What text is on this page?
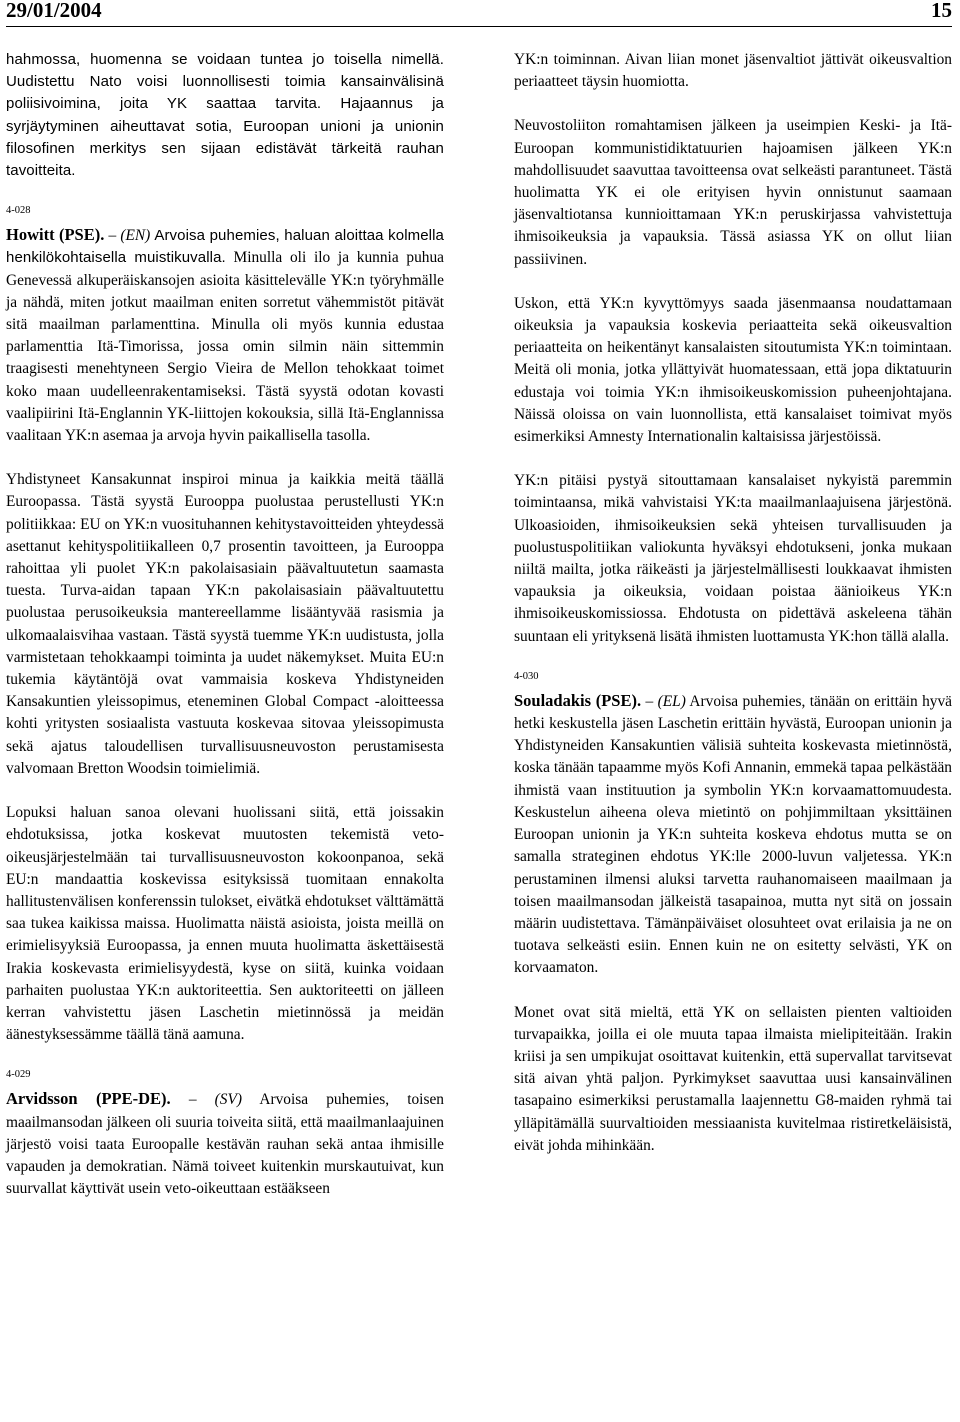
29/01/2004	15

hahmossa, huomenna se voidaan tuntea jo toisella nimellä. Uudistettu Nato voisi luonnollisesti toimia kansainvälisinä poliisivoimina, joita YK saattaa tarvita. Hajaannus ja syrjäytyminen aiheuttavat sotia, Euroopan unioni ja unionin filosofinen merkitys sen sijaan edistävät tärkeitä rauhan tavoitteita.

4-028

Howitt (PSE). – (EN) Arvoisa puhemies, haluan aloittaa kolmella henkilökohtaisella muistikuvalla. Minulla oli ilo ja kunnia puhua Genevessä alkuperäiskansojen asioita käsittelevälle YK:n työryhmälle ja nähdä, miten jotkut maailman eniten sorretut vähemmistöt pitävät sitä maailman parlamenttina. Minulla oli myös kunnia edustaa parlamenttia Itä-Timorissa, jossa omin silmin näin sittemmin traagisesti menehtyneen Sergio Vieira de Mellon tehokkaat toimet koko maan uudelleenrakentamiseksi. Tästä syystä odotan kovasti vaalipiirini Itä-Englannin YK-liittojen kokouksia, sillä Itä-Englannissa vaalitaan YK:n asemaa ja arvoja hyvin paikallisella tasolla.

Yhdistyneet Kansakunnat inspiroi minua ja kaikkia meitä täällä Euroopassa. Tästä syystä Eurooppa puolustaa perustellusti YK:n politiikkaa: EU on YK:n vuosituhannen kehitystavoitteiden yhteydessä asettanut kehityspolitiikalleen 0,7 prosentin tavoitteen, ja Eurooppa rahoittaa yli puolet YK:n pakolaisasiain päävaltuutetun saamasta tuesta. Turva-aidan tapaan YK:n pakolaisasiain päävaltuutettu puolustaa perusoikeuksia mantereellamme lisääntyvää rasismia ja ulkomaalaisvihaa vastaan. Tästä syystä tuemme YK:n uudistusta, jolla varmistetaan tehokkaampi toiminta ja uudet näkemykset. Muita EU:n tukemia käytäntöjä ovat vammaisia koskeva Yhdistyneiden Kansakuntien yleissopimus, eteneminen Global Compact -aloitteessa kohti yritysten sosiaalista vastuuta koskevaa sitovaa yleissopimusta sekä ajatus taloudellisen turvallisuusneuvoston perustamisesta valvomaan Bretton Woodsin toimielimiä.

Lopuksi haluan sanoa olevani huolissani siitä, että joissakin ehdotuksissa, jotka koskevat muutosten tekemistä veto-oikeusjärjestelmään tai turvallisuusneuvoston kokoonpanoa, sekä EU:n mandaattia koskevissa esityksissä tuomitaan ennakolta hallitustenvälisen konferenssin tulokset, eivätkä ehdotukset välttämättä saa tukea kaikissa maissa. Huolimatta näistä asioista, joista meillä on erimielisyyksiä Euroopassa, ja ennen muuta huolimatta äskettäisestä Irakia koskevasta erimielisyydestä, kyse on siitä, kuinka voidaan parhaiten puolustaa YK:n auktoriteettia. Sen auktoriteetti on jälleen kerran vahvistettu jäsen Laschetin mietinnössä ja meidän äänestyksessämme täällä tänä aamuna.

4-029

Arvidsson (PPE-DE). – (SV) Arvoisa puhemies, toisen maailmansodan jälkeen oli suuria toiveita siitä, että maailmanlaajuinen järjestö voisi taata Euroopalle kestävän rauhan sekä antaa ihmisille vapauden ja demokratian. Nämä toiveet kuitenkin murskautuivat, kun suurvallat käyttivät usein veto-oikeuttaan estääkseen

YK:n toiminnan. Aivan liian monet jäsenvaltiot jättivät oikeusvaltion periaatteet täysin huomiotta.

Neuvostoliiton romahtamisen jälkeen ja useimpien Keski- ja Itä-Euroopan kommunistidiktatuurien hajoamisen jälkeen YK:n mahdollisuudet saavuttaa tavoitteensa ovat selkeästi parantuneet. Tästä huolimatta YK ei ole erityisen hyvin onnistunut saamaan jäsenvaltiotansa kunnioittamaan YK:n peruskirjassa vahvistettuja ihmisoikeuksia ja vapauksia. Tässä asiassa YK on ollut liian passiivinen.

Uskon, että YK:n kyvyttömyys saada jäsenmaansa noudattamaan oikeuksia ja vapauksia koskevia periaatteita sekä oikeusvaltion periaatteita on heikentänyt kansalaisten sitoutumista YK:n toimintaan. Meitä oli monia, jotka yllättyivät huomatessaan, että jopa diktatuurin edustaja voi toimia YK:n ihmisoikeuskomission puheenjohtajana. Näissä oloissa on vain luonnollista, että kansalaiset toimivat myös esimerkiksi Amnesty Internationalin kaltaisissa järjestöissä.

YK:n pitäisi pystyä sitouttamaan kansalaiset nykyistä paremmin toimintaansa, mikä vahvistaisi YK:ta maailmanlaajuisena järjestönä. Ulkoasioiden, ihmisoikeuksien sekä yhteisen turvallisuuden ja puolustuspolitiikan valiokunta hyväksyi ehdotukseni, jonka mukaan niiltä mailta, jotka räikeästi ja järjestelmällisesti loukkaavat ihmisten vapauksia ja oikeuksia, voidaan poistaa äänioikeus YK:n ihmisoikeuskomissiossa. Ehdotusta on pidettävä askeleena tähän suuntaan eli yrityksenä lisätä ihmisten luottamusta YK:hon tällä alalla.

4-030

Souladakis (PSE). – (EL) Arvoisa puhemies, tänään on erittäin hyvä hetki keskustella jäsen Laschetin erittäin hyvästä, Euroopan unionin ja Yhdistyneiden Kansakuntien välisiä suhteita koskevasta mietinnöstä, koska tänään tapaamme myös Kofi Annanin, emmekä tapaa pelkästään ihmistä vaan instituution ja symbolin YK:n korvaamattomuudesta. Keskustelun aiheena oleva mietintö on pohjimmiltaan yksittäinen Euroopan unionin ja YK:n suhteita koskeva ehdotus mutta se on samalla strateginen ehdotus YK:lle 2000-luvun valjetessa. YK:n perustaminen ilmensi aluksi tarvetta rauhanomaiseen maailmaan ja toisen maailmansodan jälkeistä tasapainoa, mutta nyt sitä on jossain määrin uudistettava. Tämänpäiväiset olosuhteet ovat erilaisia ja ne on tuotava selkeästi esiin. Ennen kuin ne on esitetty selvästi, YK on korvaamaton.

Monet ovat sitä mieltä, että YK on sellaisten pienten valtioiden turvapaikka, joilla ei ole muuta tapaa ilmaista mielipiteitään. Irakin kriisi ja sen umpikujat osoittavat kuitenkin, että supervallat tarvitsevat sitä aivan yhtä paljon. Pyrkimykset saavuttaa uusi kansainvälinen tasapaino esimerkiksi perustamalla laajennettu G8-maiden ryhmä tai ylläpitämällä suurvaltioiden messiaanista kuvitelmaa ristiretkeläisistä, eivät johda mihinkään.
